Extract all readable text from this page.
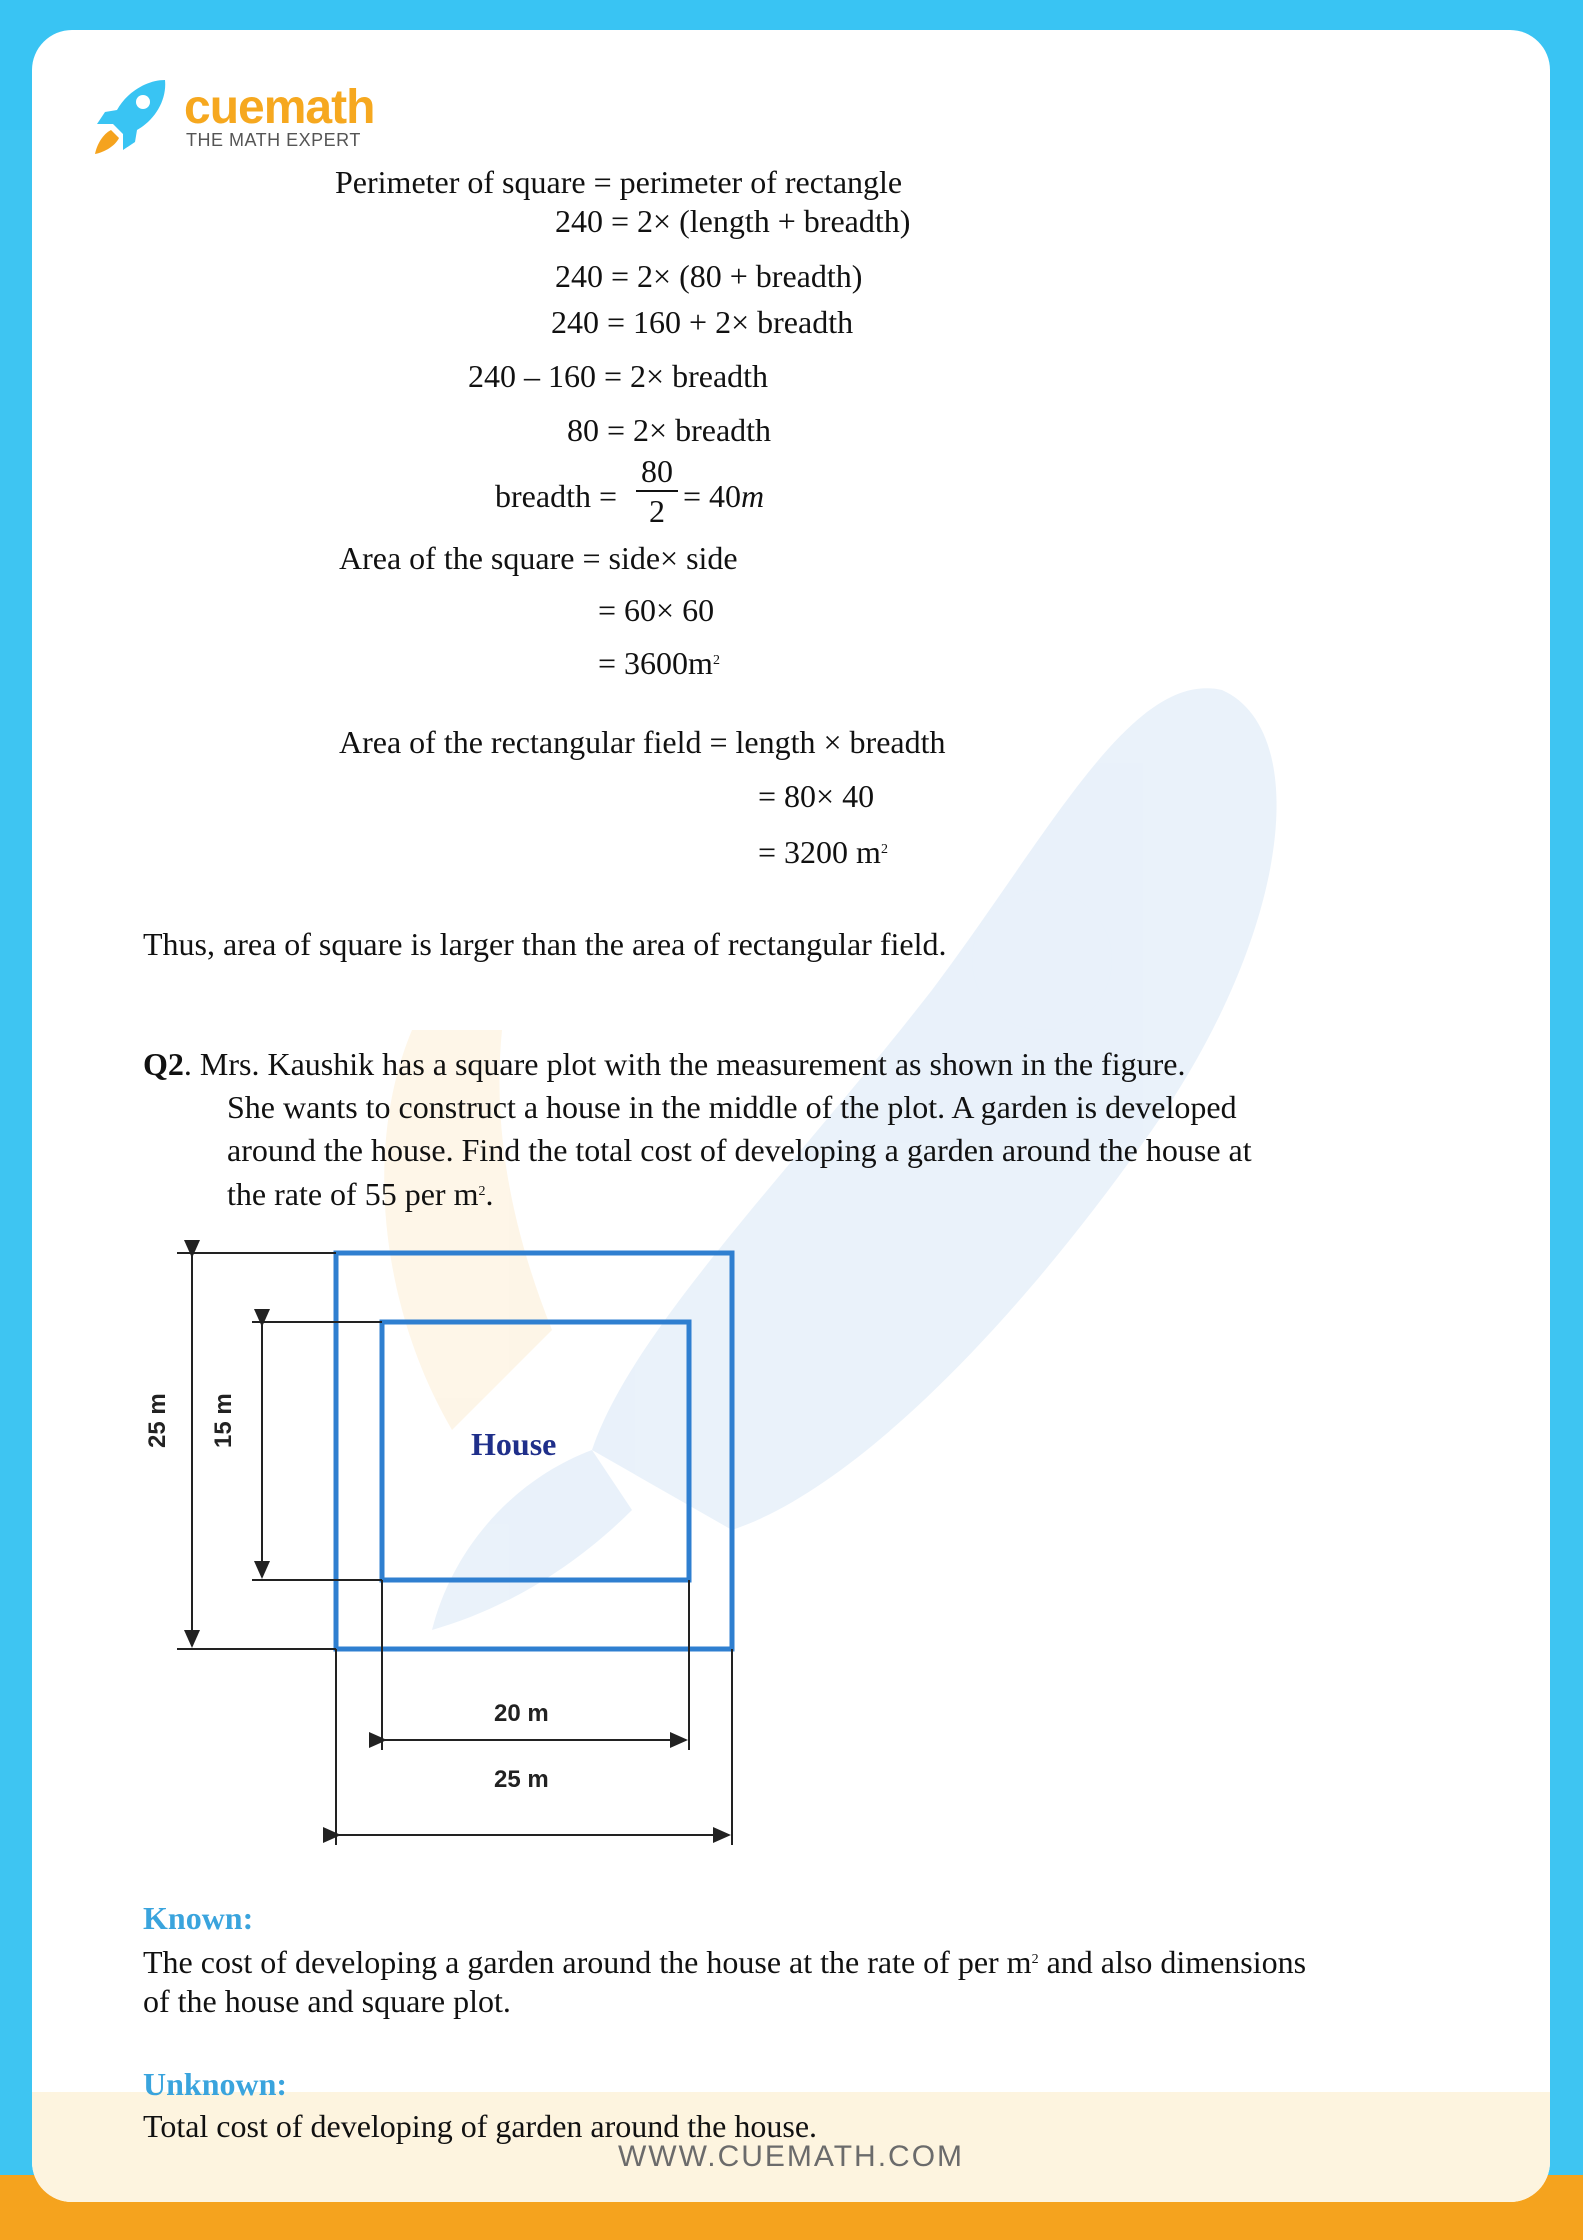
cuemath
THE MATH EXPERT
Perimeter of square = perimeter of rectangle
240 = 2× (length + breadth)
240 = 2× (80 + breadth)
240 = 160 + 2× breadth
240 – 160 = 2× breadth
80 = 2× breadth
breadth =
80
2 = 40m
Area of the square = side× side
= 60× 60
= $3600m^2$
Area of the rectangular field = length × breadth
= 80× 40
= 3200 $m^2$
Thus, area of square is larger than the area of rectangular field.
Q2. Mrs. Kaushik has a square plot with the measurement as shown in the figure.
She wants to construct a house in the middle of the plot. A garden is developed
around the house. Find the total cost of developing a garden around the house at
the rate of 55 per $m^2$.
House
25 m 15 m
20 m
25 m
Known:
The cost of developing a garden around the house at the rate of per $m^2$ and also dimensions
of the house and square plot.
Unknown:
Total cost of developing of garden around the house.
WWW.CUEMATH.COM
